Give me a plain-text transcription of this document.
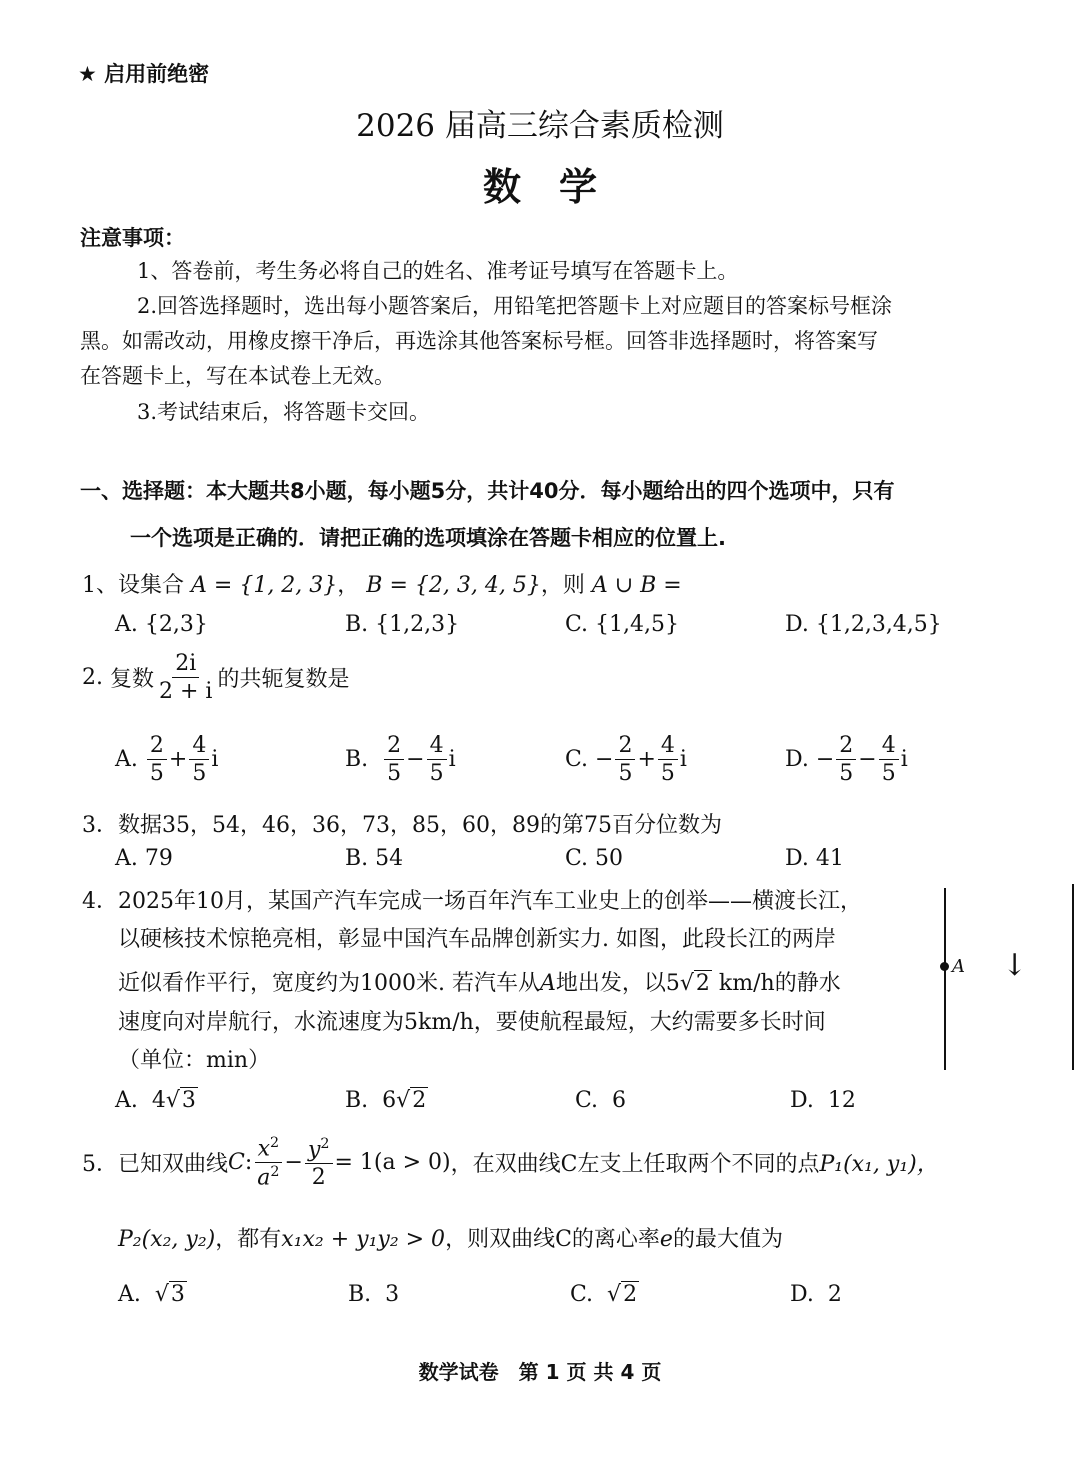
★ 启用前绝密
2026 届高三综合素质检测
数　学
注意事项：
1、答卷前，考生务必将自己的姓名、准考证号填写在答题卡上。
2.回答选择题时，选出每小题答案后，用铅笔把答题卡上对应题目的答案标号框涂
黑。如需改动，用橡皮擦干净后，再选涂其他答案标号框。回答非选择题时，将答案写
在答题卡上，写在本试卷上无效。
3.考试结束后，将答题卡交回。
一、选择题：本大题共8小题，每小题5分，共计40分．每小题给出的四个选项中，只有
一个选项是正确的．请把正确的选项填涂在答题卡相应的位置上.
1、设集合 A = {1, 2, 3}， B = {2, 3, 4, 5}，则 A ∪ B =
A. {2,3}	B. {1,2,3}	C. {1,4,5}	D. {1,2,3,4,5}
2.
复数 $\frac{2i}{2 + i}$ 的共轭复数是
A.
$\frac{2}{5} + \frac{4}{5}$ i	B.
$\frac{2}{5} - \frac{4}{5}$ i	C.
− $\frac{2}{5} + \frac{4}{5}$ i	D.
− $\frac{2}{5} - \frac{4}{5}$ i
3．数据35，54，46，36，73，85，60，89的第75百分位数为
A. 79	B. 54	C. 50	D. 41
4．2025年10月，某国产汽车完成一场百年汽车工业史上的创举——横渡长江，
以硬核技术惊艳亮相，彰显中国汽车品牌创新实力. 如图，此段长江的两岸
近似看作平行，宽度约为1000米. 若汽车从A地出发，以5√2 km/h的静水
速度向对岸航行，水流速度为5km/h，要使航程最短，大约需要多长时间
（单位：min）
A ↓
A. 4√3	B. 6√2	C. 6	D. 12
5． 已知双曲线 C : $\frac{x^2}{a^2} - \frac{y^2}{2} = 1(a > 0)$ ，在双曲线C左支上任取两个不同的点 P₁(x₁, y₁)，
P₂(x₂, y₂)，都有x₁x₂ + y₁y₂ > 0，则双曲线C的离心率e的最大值为
A. √3	B. 3	C. √2	D. 2
数学试卷　第 1 页 共 4 页
